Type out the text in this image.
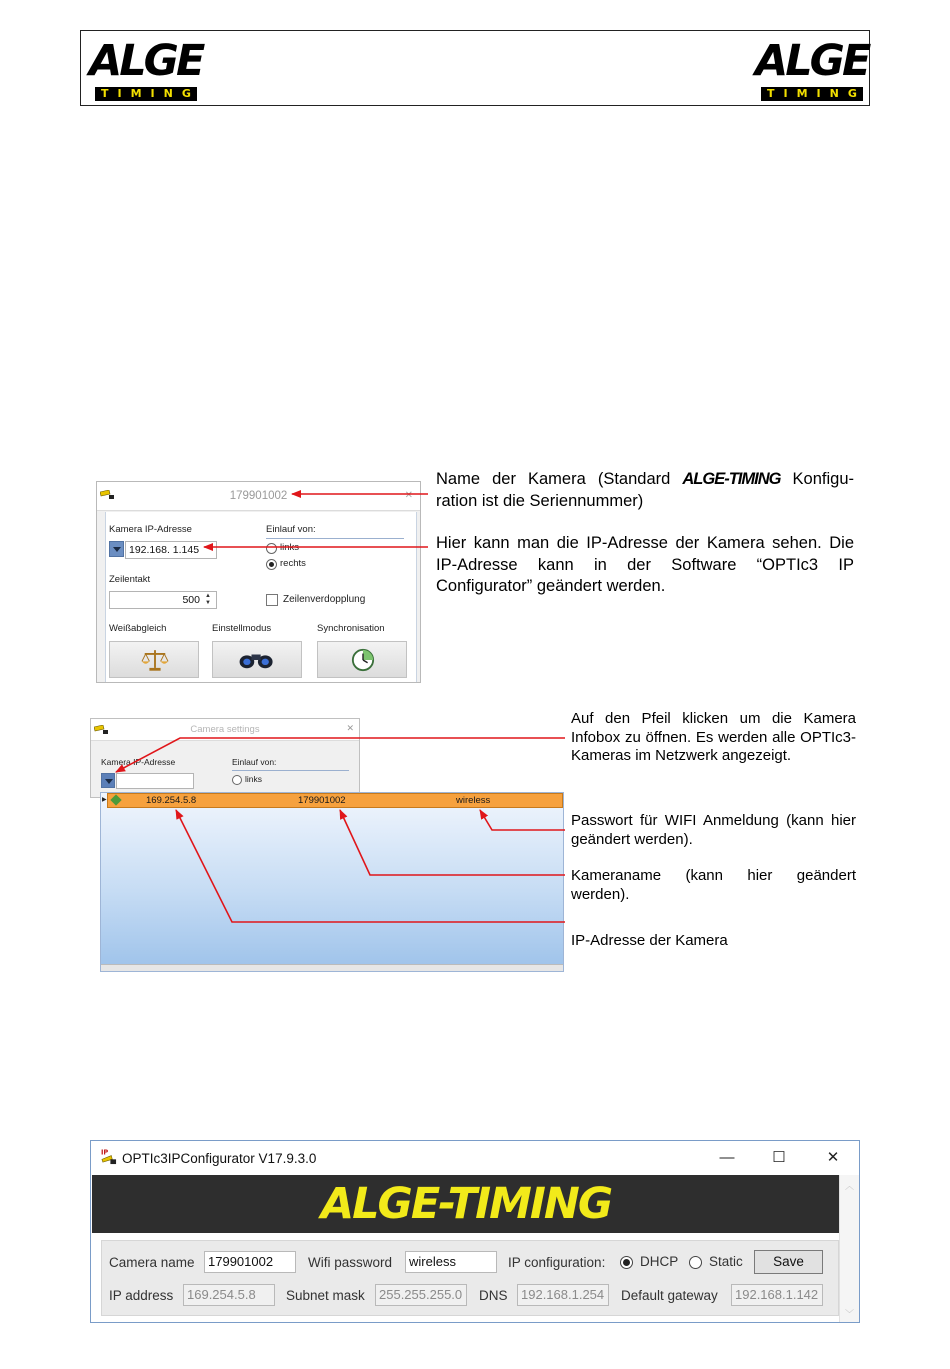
ALGE
TIMING
ALGE
TIMING
179901002	✕
Kamera IP-Adresse
192.168. 1.145
Einlauf von:
links
rechts
Zeilentakt
500 ▲
▼	Zeilenverdopplung
Weißabgleich	Einstellmodus	Synchronisation
Name der Kamera (Standard ALGE-TIMING Konfigu-ration ist die Seriennummer)
Hier kann man die IP-Adresse der Kamera sehen. Die IP-Adresse kann in der Software “OPTIc3 IP Configurator” geändert werden.
Camera settings	✕
Kamera IP-Adresse	Einlauf von:
links
▶	169.254.5.8	179901002	wireless
Auf den Pfeil klicken um die Kamera Infobox zu öffnen. Es werden alle OPTIc3-Kameras im Netzwerk angezeigt.
Passwort für WIFI Anmeldung (kann hier geändert werden).
Kameraname (kann hier geändert werden).
IP-Adresse der Kamera
IP OPTIc3IPConfigurator V17.9.3.0	—	☐	✕
ALGE-TIMING	︿
﹀
Camera name	179901002	Wifi password	wireless	IP configuration:	DHCP Static	Save
IP address	169.254.5.8	Subnet mask	255.255.255.0	DNS	192.168.1.254	Default gateway	192.168.1.142
